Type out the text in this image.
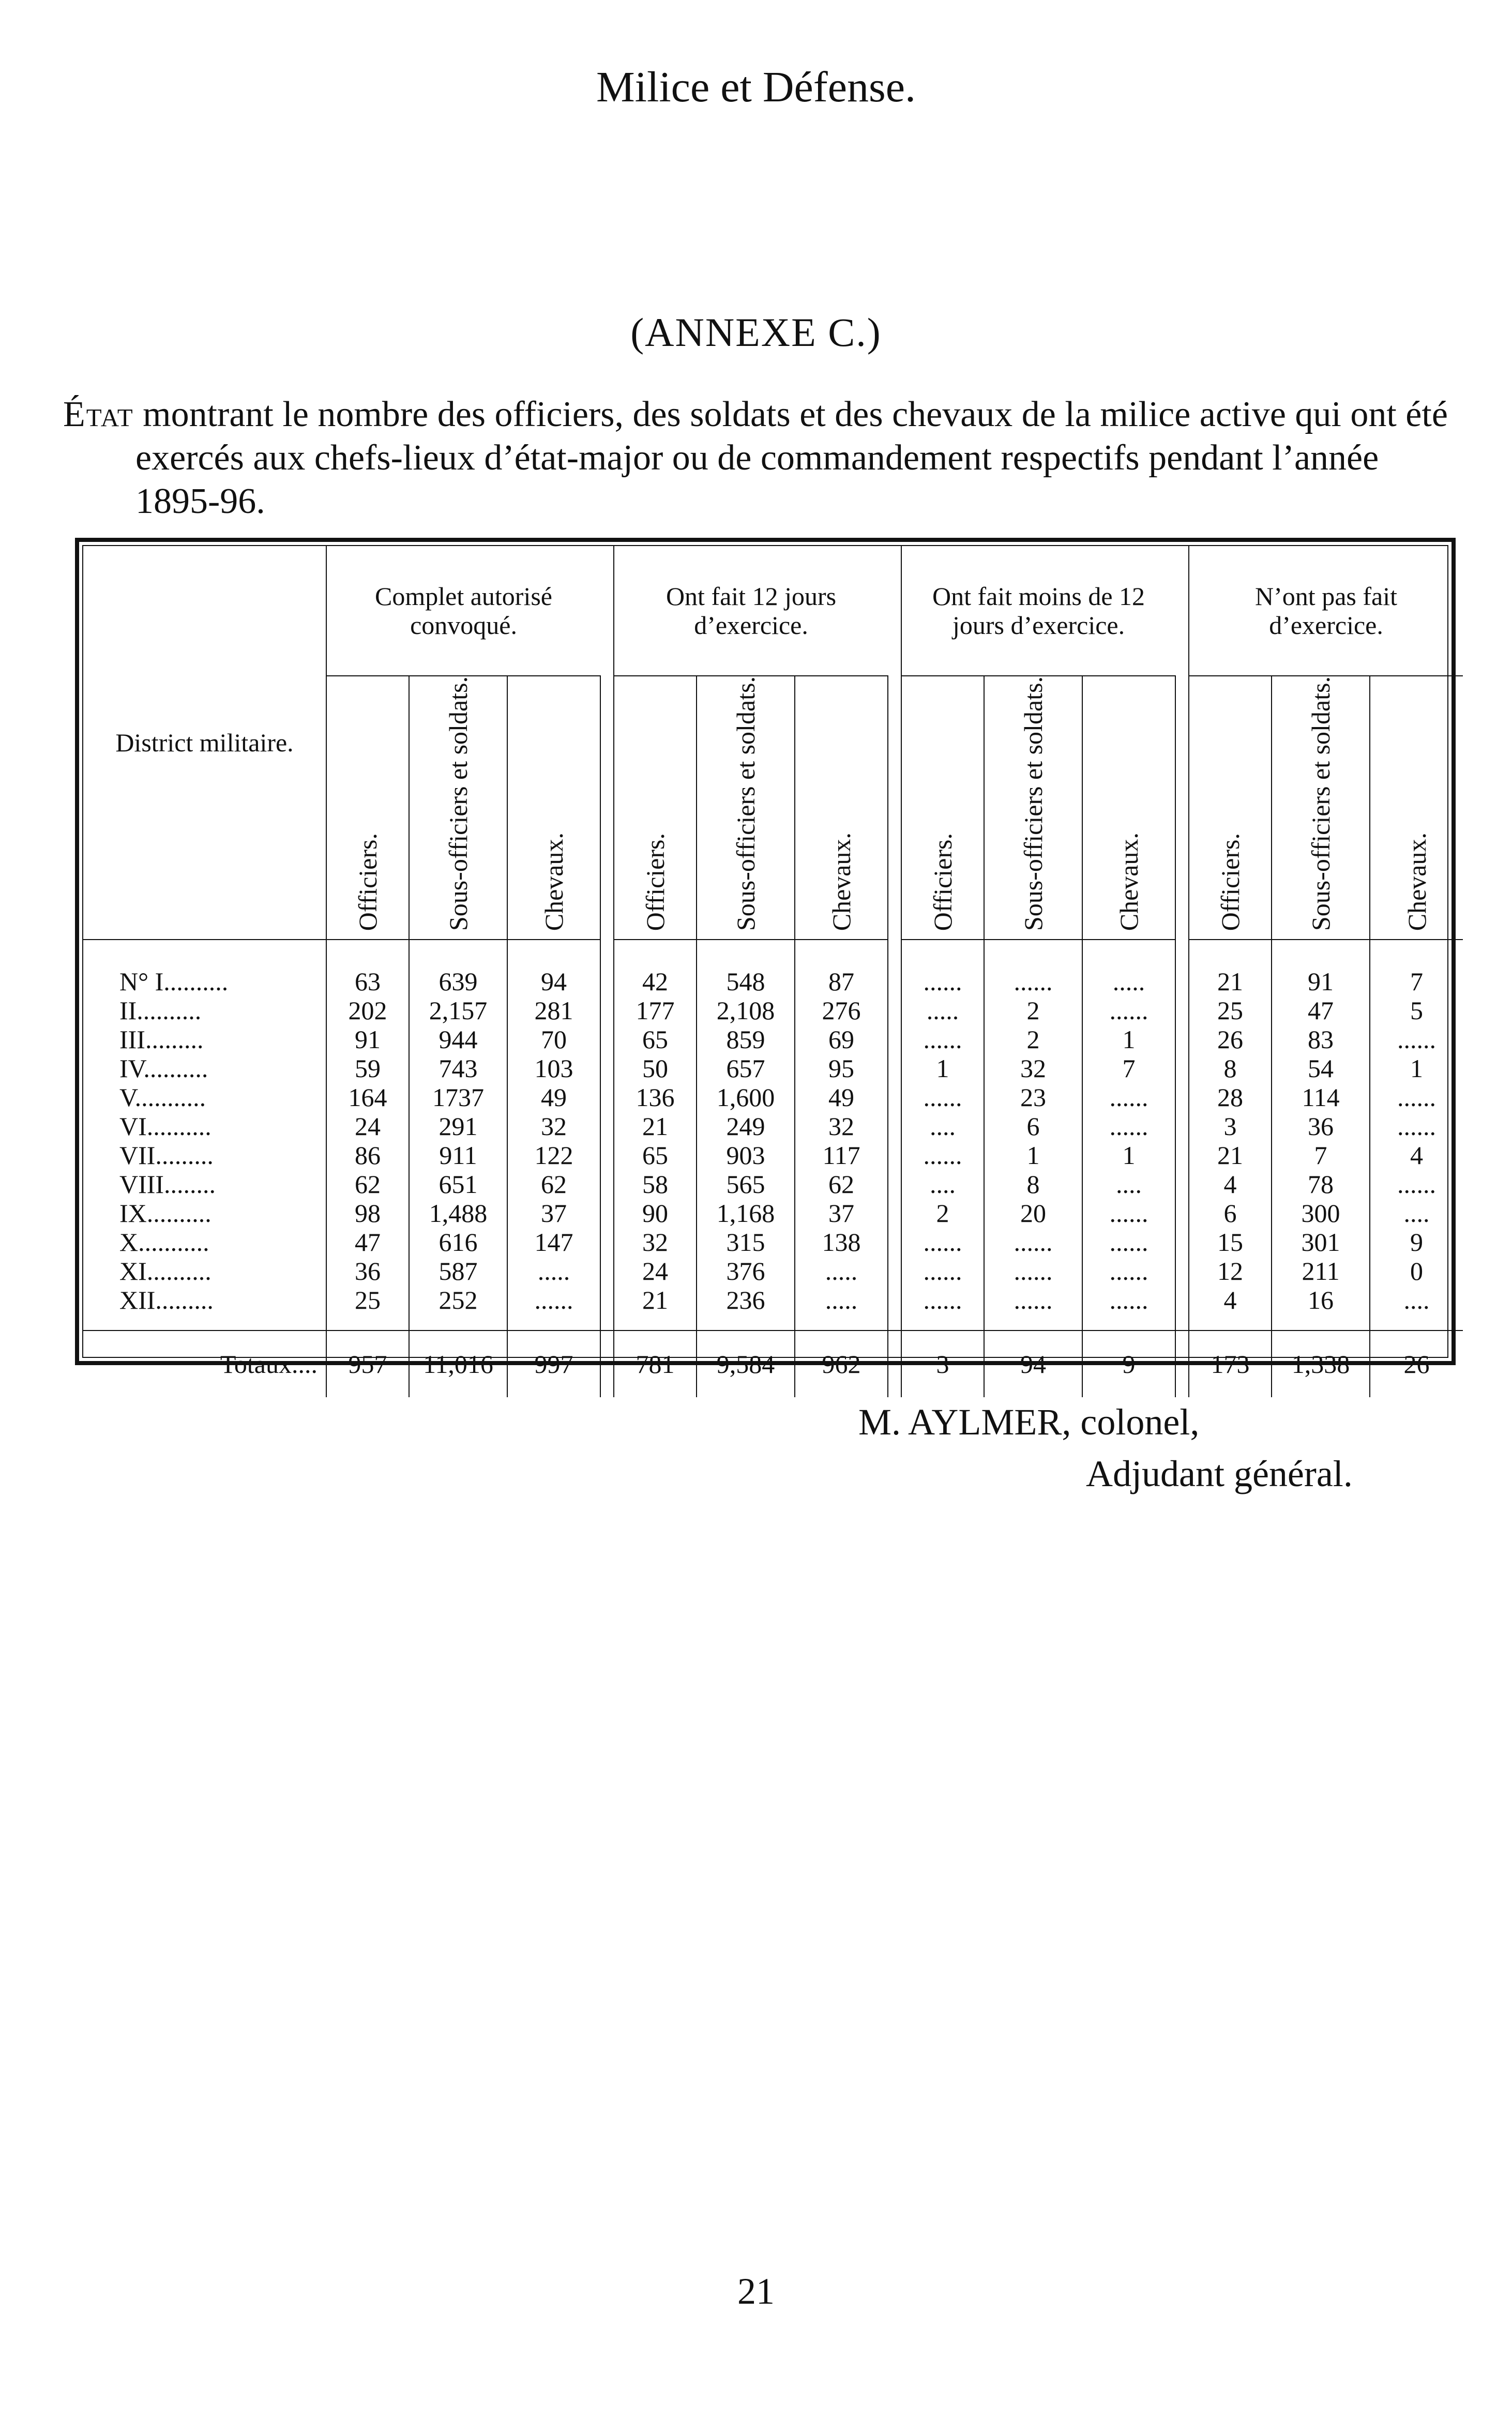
Milice et Défense.
(ANNEXE C.)
État montrant le nombre des officiers, des soldats et des chevaux de la milice active qui ont été exercés aux chefs-lieux d’état-major ou de commandement respectifs pendant l’année 1895-96.
District militaire.	Complet autorisé convoqué.				Ont fait 12 jours d’exercice.				Ont fait moins de 12 jours d’exercice.				N’ont pas fait d’exercice.		

	Officiers.	Sous-officiers et soldats.	Chevaux.		Officiers.	Sous-officiers et soldats.	Chevaux.		Officiers.	Sous-officiers et soldats.	Chevaux.		Officiers.	Sous-officiers et soldats.	Chevaux.

N° I..........	63	639	94		42	548	87		......	......	.....		21	91	7
II..........	202	2,157	281		177	2,108	276		.....	2	......		25	47	5
III.........	91	944	70		65	859	69		......	2	1		26	83	......
IV..........	59	743	103		50	657	95		1	32	7		8	54	1
V...........	164	1737	49		136	1,600	49		......	23	......		28	114	......
VI..........	24	291	32		21	249	32		....	6	......		3	36	......
VII.........	86	911	122		65	903	117		......	1	1		21	7	4
VIII........	62	651	62		58	565	62		....	8	....		4	78	......
IX..........	98	1,488	37		90	1,168	37		2	20	......		6	300	....
X...........	47	616	147		32	315	138		......	......	......		15	301	9
XI..........	36	587	.....		24	376	.....		......	......	......		12	211	0
XII.........	25	252	......		21	236	.....		......	......	......		4	16	....
Totaux....	957	11,016	997		781	9,584	962		3	94	9		173	1,338	26
M. AYLMER, colonel,
Adjudant général.
21
